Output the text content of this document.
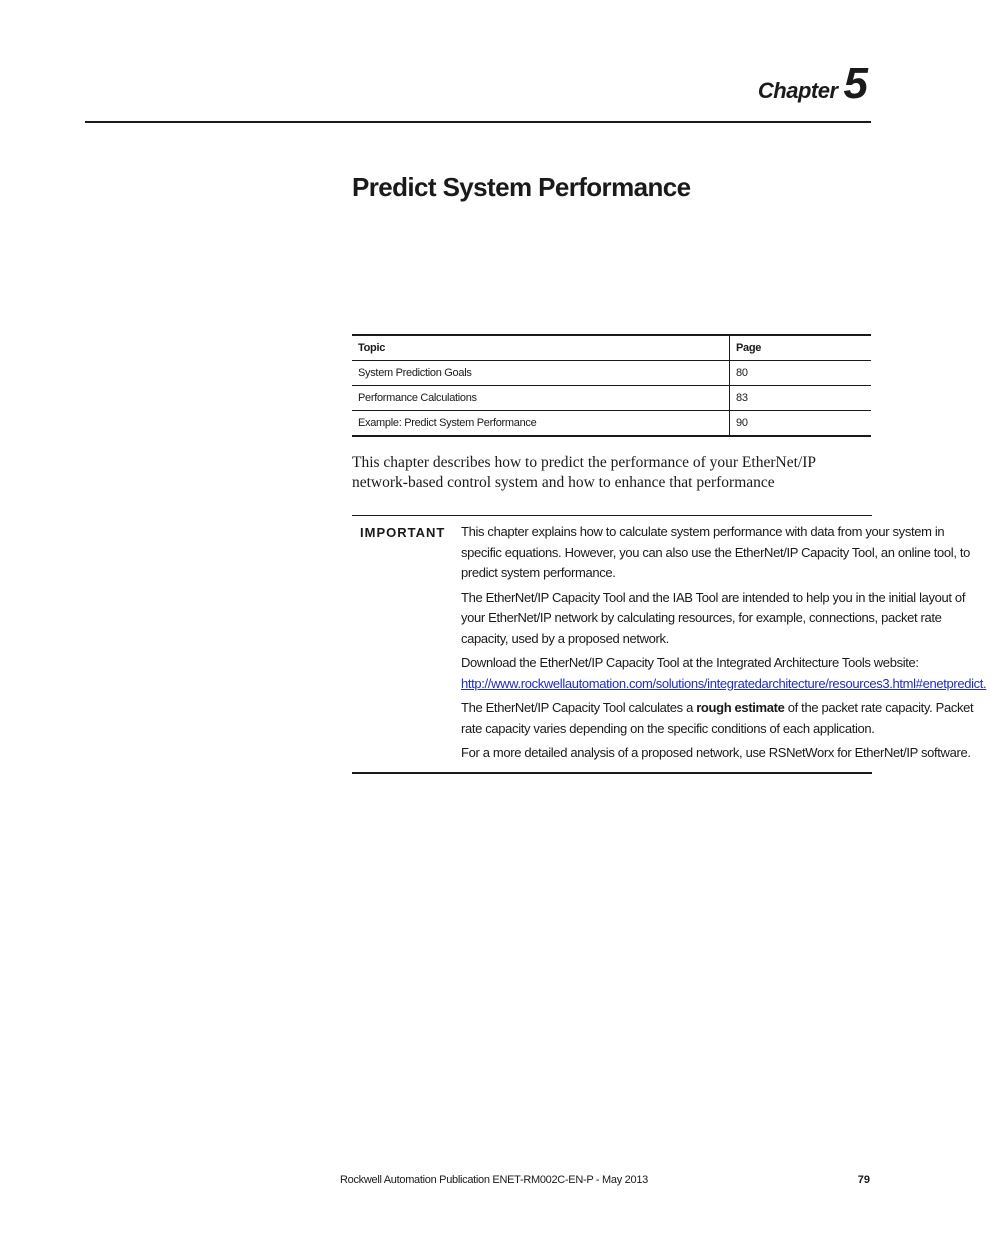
Chapter 5
Predict System Performance
Topic	Page
System Prediction Goals	80
Performance Calculations	83
Example: Predict System Performance	90

This chapter describes how to predict the performance of your EtherNet/IP network-based control system and how to enhance that performance

IMPORTANT	This chapter explains how to calculate system performance with data from your system in specific equations. However, you can also use the EtherNet/IP Capacity Tool, an online tool, to predict system performance.

The EtherNet/IP Capacity Tool and the IAB Tool are intended to help you in the initial layout of your EtherNet/IP network by calculating resources, for example, connections, packet rate capacity, used by a proposed network.

Download the EtherNet/IP Capacity Tool at the Integrated Architecture Tools website: http://www.rockwellautomation.com/solutions/integratedarchitecture/resources3.html#enetpredict.

The EtherNet/IP Capacity Tool calculates a rough estimate of the packet rate capacity. Packet rate capacity varies depending on the specific conditions of each application.

For a more detailed analysis of a proposed network, use RSNetWorx for EtherNet/IP software.

Rockwell Automation Publication ENET-RM002C-EN-P - May 2013	79
